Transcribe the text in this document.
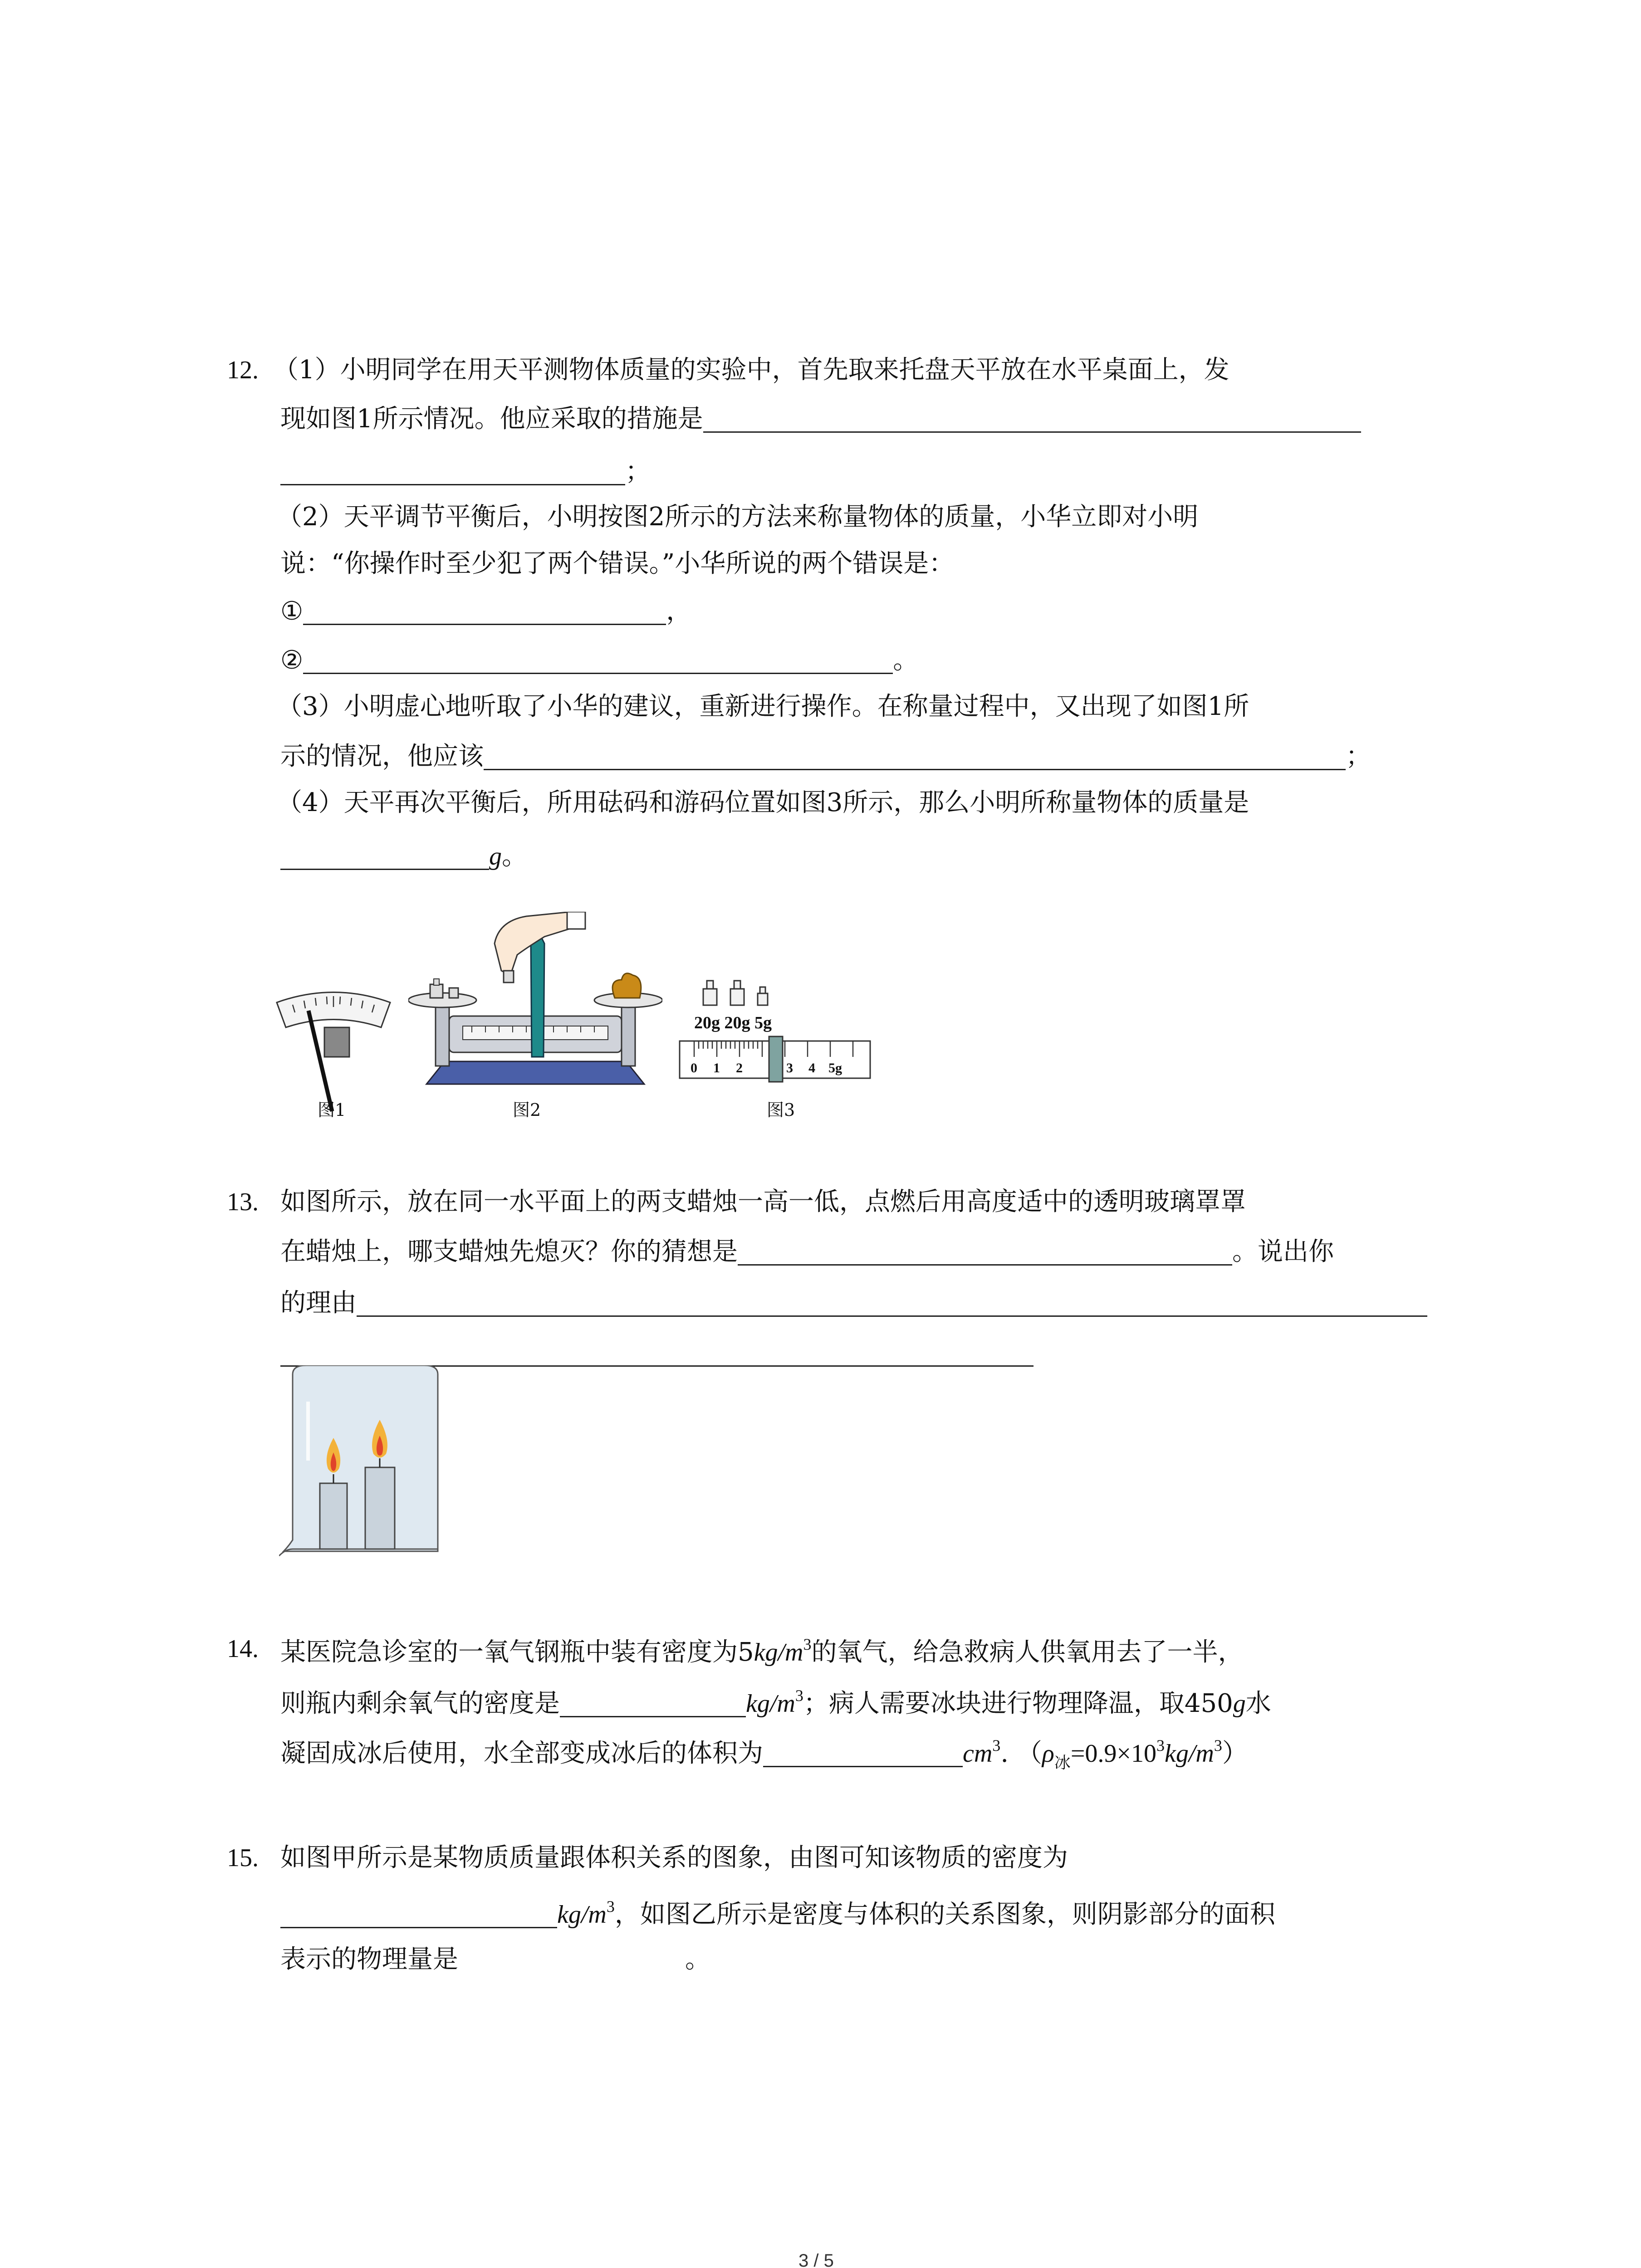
12. （1）小明同学在用天平测物体质量的实验中，首先取来托盘天平放在水平桌面上，发
现如图1所示情况。他应采取的措施是
；
（2）天平调节平衡后，小明按图2所示的方法来称量物体的质量，小华立即对小明
说：“你操作时至少犯了两个错误。”小华所说的两个错误是：
①	，
②	。
（3）小明虚心地听取了小华的建议，重新进行操作。在称量过程中，又出现了如图1所
示的情况，他应该	；
（4）天平再次平衡后，所用砝码和游码位置如图3所示，那么小明所称量物体的质量是
g。
图1	图2
20g 20g 5g
0 1 2	3 4 5g
图3
13. 如图所示，放在同一水平面上的两支蜡烛一高一低，点燃后用高度适中的透明玻璃罩罩
在蜡烛上，哪支蜡烛先熄灭？你的猜想是	。说出你
的理由
14. 某医院急诊室的一氧气钢瓶中装有密度为$5kg/m^3$的氧气，给急救病人供氧用去了一半，
则瓶内剩余氧气的密度是	$kg/m^3$；病人需要冰块进行物理降温，取450g水
凝固成冰后使用，水全部变成冰后的体积为	$cm^3$. $(\rho_冰=0.9\times 10^3kg/m^3)$
15. 如图甲所示是某物质质量跟体积关系的图象，由图可知该物质的密度为
$kg/m^3$，如图乙所示是密度与体积的关系图象，则阴影部分的面积
表示的物理量是	。
3 / 5
